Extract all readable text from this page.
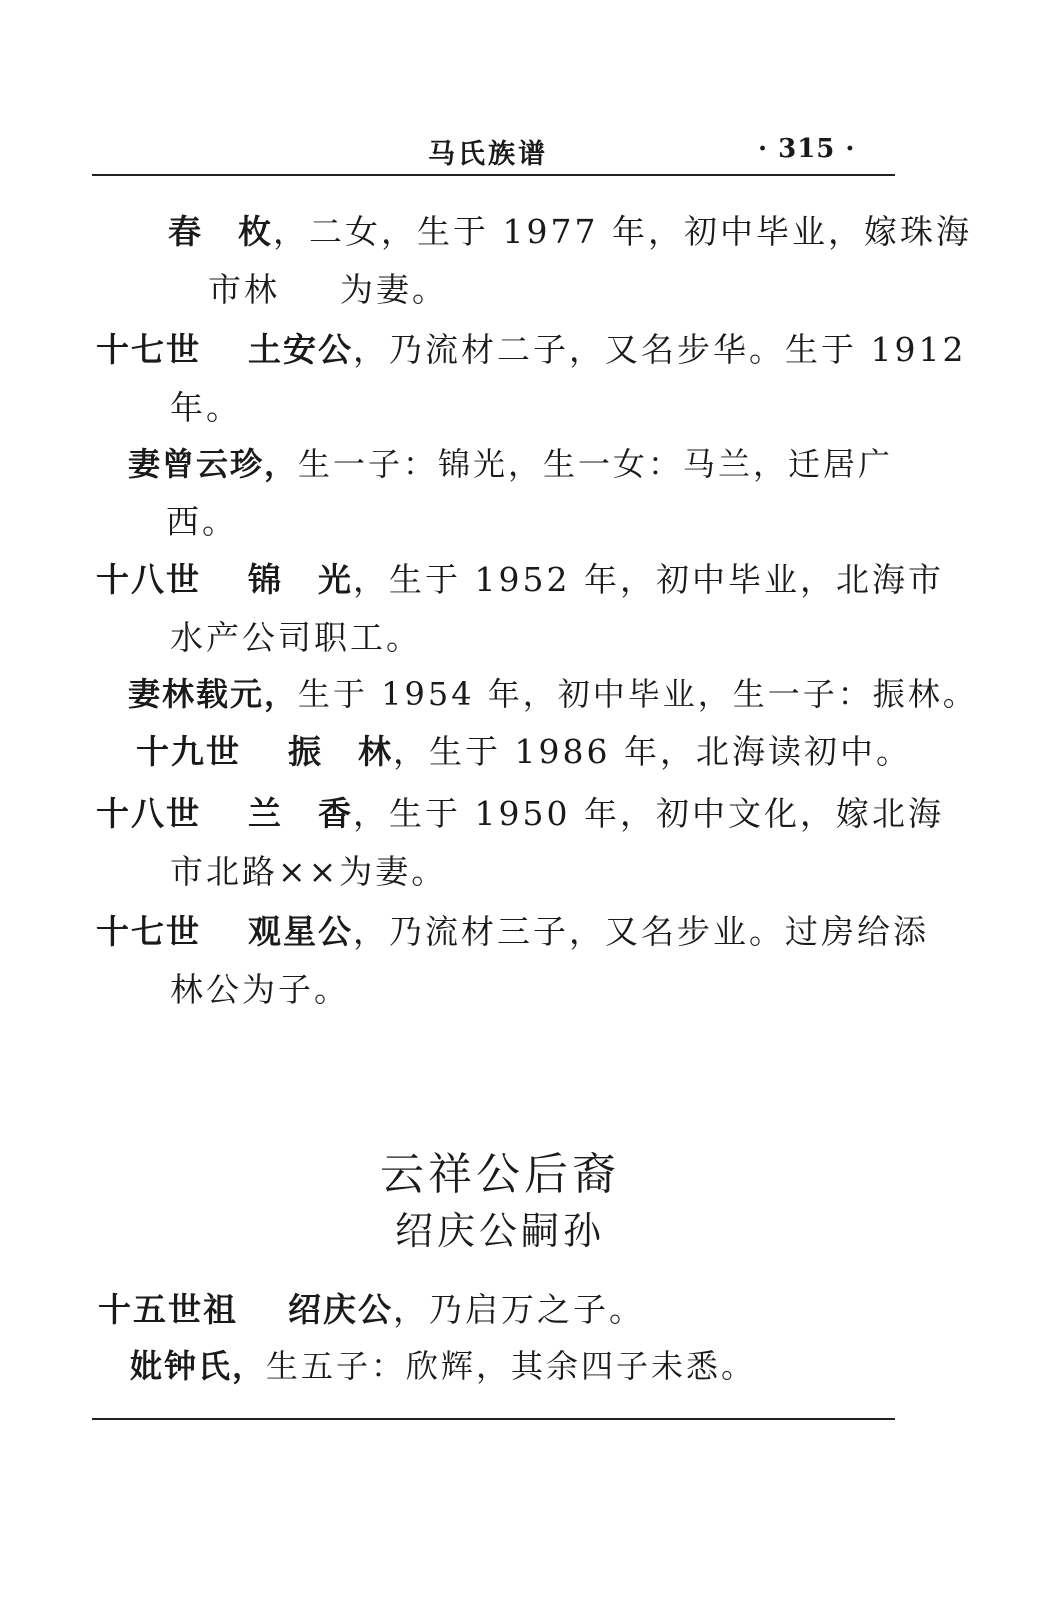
马氏族谱	· 315 ·
春　枚，二女，生于 1977 年，初中毕业，嫁珠海
市林 为妻。
十七世 土安公，乃流材二子，又名步华。生于 1912
年。
妻曾云珍，生一子：锦光，生一女：马兰，迁居广
西。
十八世 锦　光，生于 1952 年，初中毕业，北海市
水产公司职工。
妻林载元，生于 1954 年，初中毕业，生一子：振林。
十九世 振　林，生于 1986 年，北海读初中。
十八世 兰　香，生于 1950 年，初中文化，嫁北海
市北路××为妻。
十七世 观星公，乃流材三子，又名步业。过房给添
林公为子。
云祥公后裔
绍庆公嗣孙
十五世祖 绍庆公，乃启万之子。
妣钟氏，生五子：欣辉，其余四子未悉。
